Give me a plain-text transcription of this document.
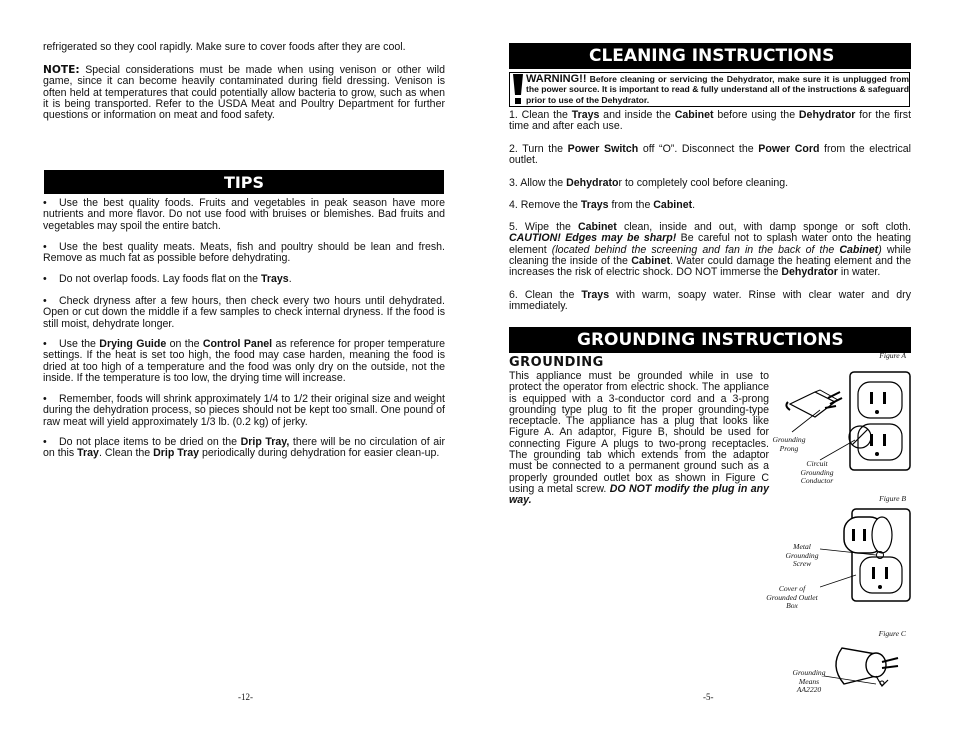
refrigerated so they cool rapidly. Make sure to cover foods after they are cool.

NOTE: Special considerations must be made when using venison or other wild game, since it can become heavily contaminated during field dressing. Venison is often held at temperatures that could potentially allow bacteria to grow, such as when it is being transported. Refer to the USDA Meat and Poultry Department for further questions or information on meat and food safety.

TIPS
• Use the best quality foods. Fruits and vegetables in peak season have more nutrients and more flavor. Do not use food with bruises or blemishes. Bad fruits and vegetables may spoil the entire batch.
• Use the best quality meats. Meats, fish and poultry should be lean and fresh. Remove as much fat as possible before dehydrating.
• Do not overlap foods. Lay foods flat on the Trays.
• Check dryness after a few hours, then check every two hours until dehydrated. Open or cut down the middle if a few samples to check internal dryness. If the food is still moist, dehydrate longer.
• Use the Drying Guide on the Control Panel as reference for proper temperature settings. If the heat is set too high, the food may case harden, meaning the food is dried at too high of a temperature and the food was only dry on the outside, not the inside. If the temperature is too low, the drying time will increase.
• Remember, foods will shrink approximately 1/4 to 1/2 their original size and weight during the dehydration process, so pieces should not be kept too small. One pound of raw meat will yield approximately 1/3 lb. (0.2 kg) of jerky.
• Do not place items to be dried on the Drip Tray, there will be no circulation of air on this Tray. Clean the Drip Tray periodically during dehydration for easier clean-up.
-12-
CLEANING INSTRUCTIONS
WARNING!! Before cleaning or servicing the Dehydrator, make sure it is unplugged from the power source. It is important to read & fully understand all of the instructions & safeguard prior to use of the Dehydrator.
1. Clean the Trays and inside the Cabinet before using the Dehydrator for the first time and after each use.
2. Turn the Power Switch off “O”. Disconnect the Power Cord from the electrical outlet.
3. Allow the Dehydrator to completely cool before cleaning.
4. Remove the Trays from the Cabinet.
5. Wipe the Cabinet clean, inside and out, with damp sponge or soft cloth. CAUTION! Edges may be sharp! Be careful not to splash water onto the heating element (located behind the screening and fan in the back of the Cabinet) while cleaning the inside of the Cabinet. Water could damage the heating element and the increases the risk of electric shock. DO NOT immerse the Dehydrator in water.
6. Clean the Trays with warm, soapy water. Rinse with clear water and dry immediately.
GROUNDING INSTRUCTIONS
GROUNDING

This appliance must be grounded while in use to protect the operator from electric shock. The appliance is equipped with a 3-conductor cord and a 3-prong grounding type plug to fit the proper grounding-type receptacle. The appliance has a plug that looks like Figure A. An adaptor, Figure B, should be used for connecting Figure A plugs to two-prong receptacles. The grounding tab which extends from the adaptor must be connected to a permanent ground such as a properly grounded outlet box as shown in Figure C using a metal screw. DO NOT modify the plug in any way.

Figure A
Grounding Prong
Circuit Grounding Conductor
Figure B
Metal Grounding Screw
Cover of Grounded Outlet Box
Figure C
Grounding Means
AA2220
-5-
